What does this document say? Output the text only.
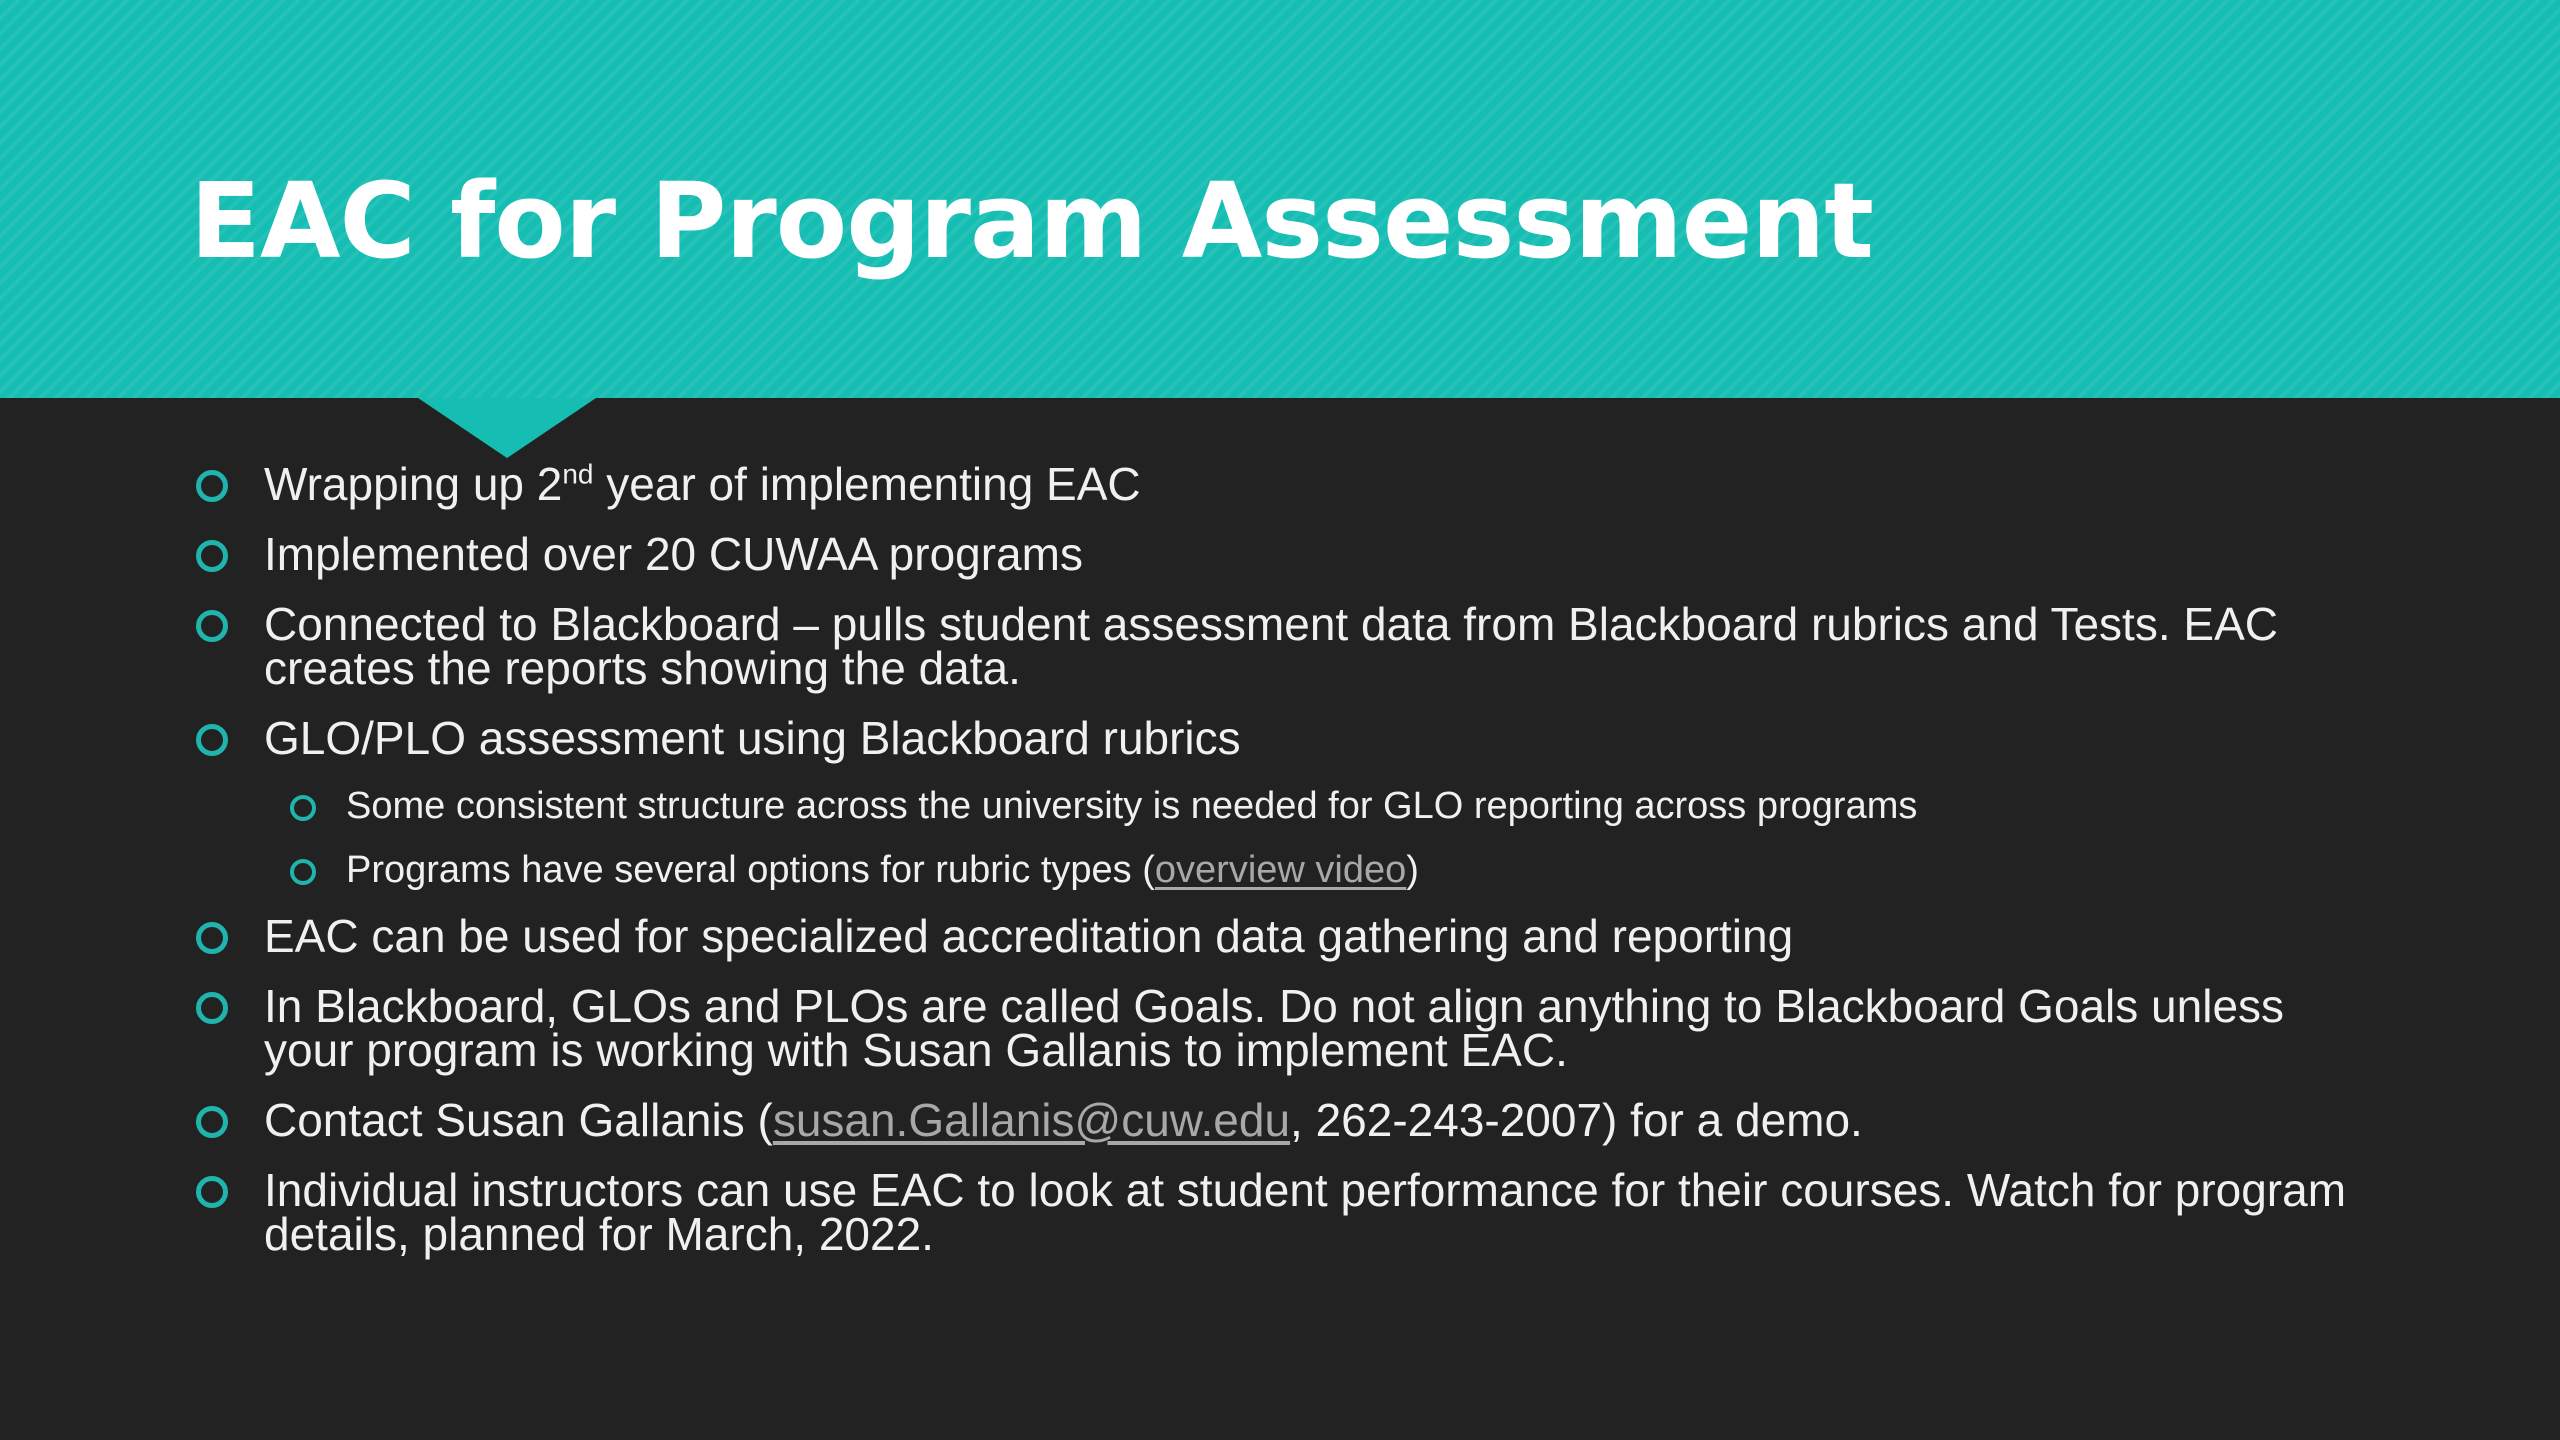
EAC for Program Assessment
Wrapping up 2nd year of implementing EAC
Implemented over 20 CUWAA programs
Connected to Blackboard – pulls student assessment data from Blackboard rubrics and Tests. EAC creates the reports showing the data.
GLO/PLO assessment using Blackboard rubrics
Some consistent structure across the university is needed for GLO reporting across programs
Programs have several options for rubric types (overview video)
EAC can be used for specialized accreditation data gathering and reporting
In Blackboard, GLOs and PLOs are called Goals. Do not align anything to Blackboard Goals unless your program is working with Susan Gallanis to implement EAC.
Contact Susan Gallanis (susan.Gallanis@cuw.edu, 262-243-2007) for a demo.
Individual instructors can use EAC to look at student performance for their courses. Watch for program details, planned for March, 2022.
